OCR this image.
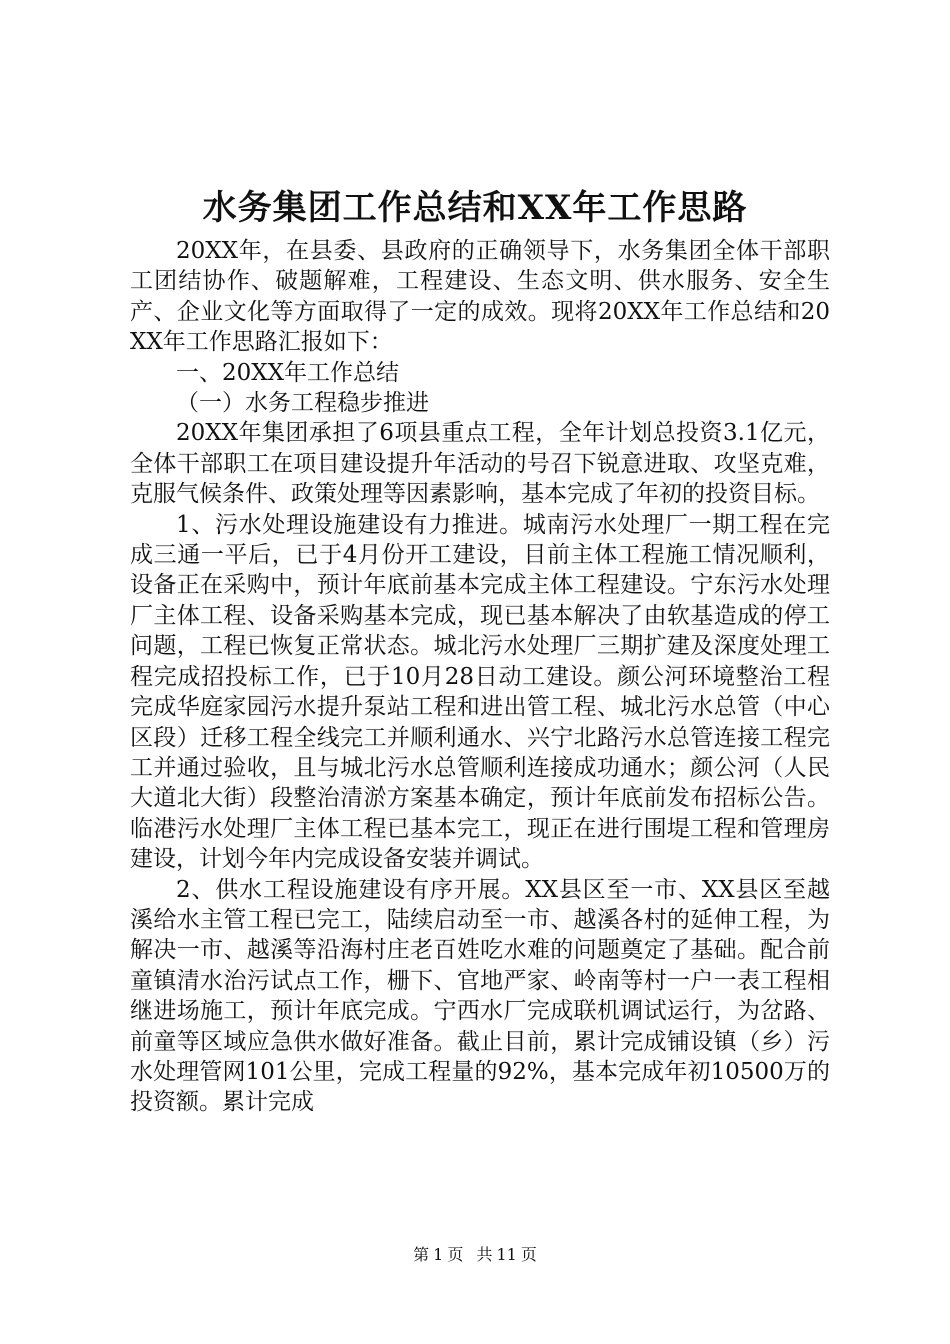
水务集团工作总结和XX年工作思路

20XX年，在县委、县政府的正确领导下，水务集团全体干部职工团结协作、破题解难，工程建设、生态文明、供水服务、安全生产、企业文化等方面取得了一定的成效。现将20XX年工作总结和20XX年工作思路汇报如下：

一、20XX年工作总结

（一）水务工程稳步推进

20XX年集团承担了6项县重点工程，全年计划总投资3.1亿元，全体干部职工在项目建设提升年活动的号召下锐意进取、攻坚克难，克服气候条件、政策处理等因素影响，基本完成了年初的投资目标。

1、污水处理设施建设有力推进。城南污水处理厂一期工程在完成三通一平后，已于4月份开工建设，目前主体工程施工情况顺利，设备正在采购中，预计年底前基本完成主体工程建设。宁东污水处理厂主体工程、设备采购基本完成，现已基本解决了由软基造成的停工问题，工程已恢复正常状态。城北污水处理厂三期扩建及深度处理工程完成招投标工作，已于10月28日动工建设。颜公河环境整治工程完成华庭家园污水提升泵站工程和进出管工程、城北污水总管（中心区段）迁移工程全线完工并顺利通水、兴宁北路污水总管连接工程完工并通过验收，且与城北污水总管顺利连接成功通水；颜公河（人民大道北大街）段整治清淤方案基本确定，预计年底前发布招标公告。临港污水处理厂主体工程已基本完工，现正在进行围堤工程和管理房建设，计划今年内完成设备安装并调试。

2、供水工程设施建设有序开展。XX县区至一市、XX县区至越溪给水主管工程已完工，陆续启动至一市、越溪各村的延伸工程，为解决一市、越溪等沿海村庄老百姓吃水难的问题奠定了基础。配合前童镇清水治污试点工作，栅下、官地严家、岭南等村一户一表工程相继进场施工，预计年底完成。宁西水厂完成联机调试运行，为岔路、前童等区域应急供水做好准备。截止目前，累计完成铺设镇（乡）污水处理管网101公里，完成工程量的92%，基本完成年初10500万的投资额。累计完成

第 1 页 共 11 页
